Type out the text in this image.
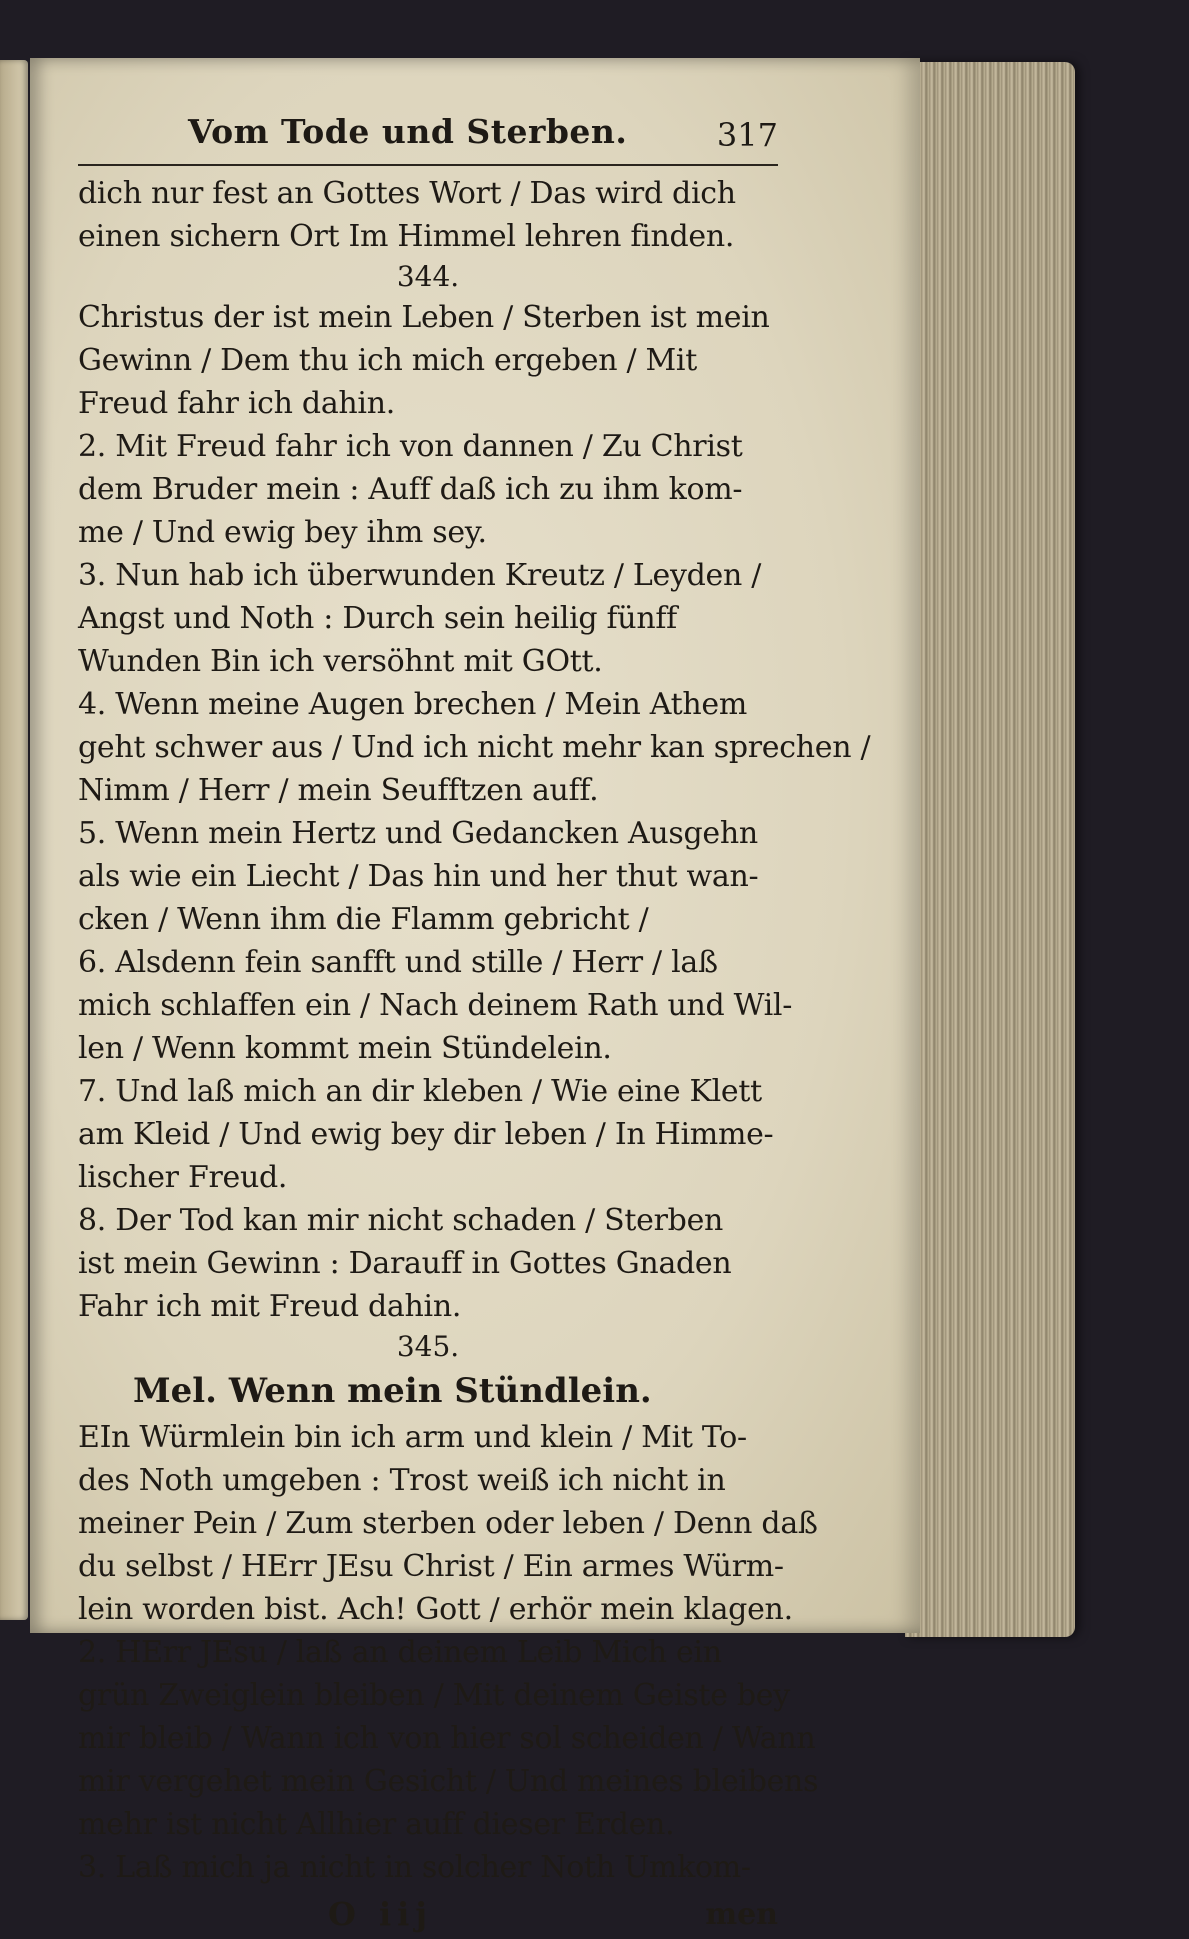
Vom Tode und Sterben.	317
dich nur fest an Gottes Wort / Das wird dich
einen sichern Ort Im Himmel lehren finden.
344.
Christus der ist mein Leben / Sterben ist mein
Gewinn / Dem thu ich mich ergeben / Mit
Freud fahr ich dahin.
2. Mit Freud fahr ich von dannen / Zu Christ
dem Bruder mein : Auff daß ich zu ihm kom-
me / Und ewig bey ihm sey.
3. Nun hab ich überwunden Kreutz / Leyden /
Angst und Noth : Durch sein heilig fünff
Wunden Bin ich versöhnt mit GOtt.
4. Wenn meine Augen brechen / Mein Athem
geht schwer aus / Und ich nicht mehr kan sprechen /
Nimm / Herr / mein Seufftzen auff.
5. Wenn mein Hertz und Gedancken Ausgehn
als wie ein Liecht / Das hin und her thut wan-
cken / Wenn ihm die Flamm gebricht /
6. Alsdenn fein sanfft und stille / Herr / laß
mich schlaffen ein / Nach deinem Rath und Wil-
len / Wenn kommt mein Stündelein.
7. Und laß mich an dir kleben / Wie eine Klett
am Kleid / Und ewig bey dir leben / In Himme-
lischer Freud.
8. Der Tod kan mir nicht schaden / Sterben
ist mein Gewinn : Darauff in Gottes Gnaden
Fahr ich mit Freud dahin.
345.
Mel. Wenn mein Stündlein.
EIn Würmlein bin ich arm und klein / Mit To-
des Noth umgeben : Trost weiß ich nicht in
meiner Pein / Zum sterben oder leben / Denn daß
du selbst / HErr JEsu Christ / Ein armes Würm-
lein worden bist. Ach! Gott / erhör mein klagen.
2. HErr JEsu / laß an deinem Leib Mich ein
grün Zweiglein bleiben / Mit deinem Geiste bey
mir bleib / Wann ich von hier sol scheiden / Wann
mir vergehet mein Gesicht / Und meines bleibens
mehr ist nicht Allhier auff dieser Erden.
3. Laß mich ja nicht in solcher Noth Umkom-
O iij	men
